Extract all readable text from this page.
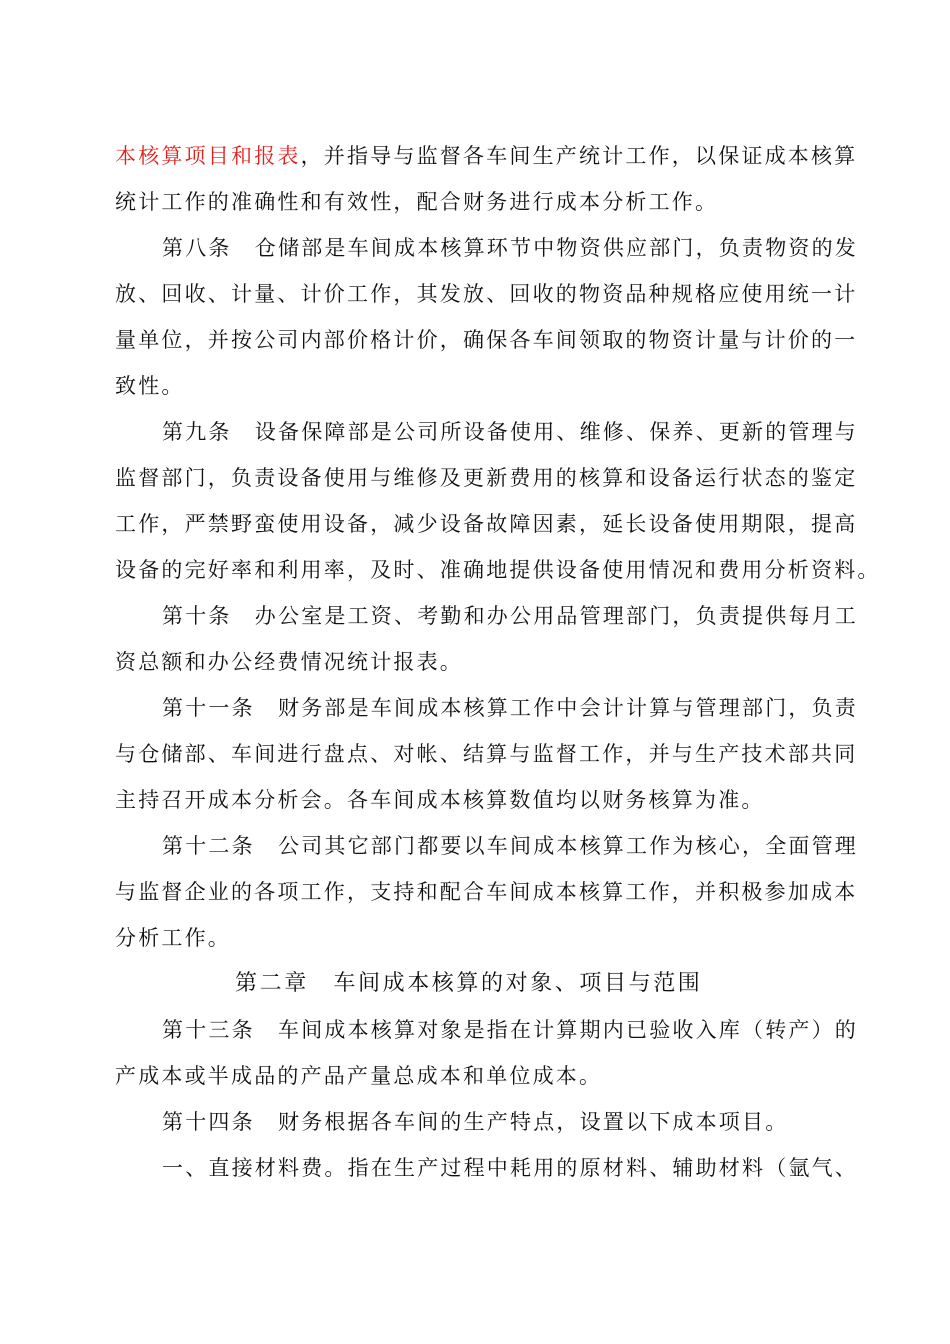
本核算项目和报表，并指导与监督各车间生产统计工作，以保证成本核算
统计工作的准确性和有效性，配合财务进行成本分析工作。
第八条　仓储部是车间成本核算环节中物资供应部门，负责物资的发
放、回收、计量、计价工作，其发放、回收的物资品种规格应使用统一计
量单位，并按公司内部价格计价，确保各车间领取的物资计量与计价的一
致性。
第九条　设备保障部是公司所设备使用、维修、保养、更新的管理与
监督部门，负责设备使用与维修及更新费用的核算和设备运行状态的鉴定
工作，严禁野蛮使用设备，减少设备故障因素，延长设备使用期限，提高
设备的完好率和利用率，及时、准确地提供设备使用情况和费用分析资料。
第十条　办公室是工资、考勤和办公用品管理部门，负责提供每月工
资总额和办公经费情况统计报表。
第十一条　财务部是车间成本核算工作中会计计算与管理部门，负责
与仓储部、车间进行盘点、对帐、结算与监督工作，并与生产技术部共同
主持召开成本分析会。各车间成本核算数值均以财务核算为准。
第十二条　公司其它部门都要以车间成本核算工作为核心，全面管理
与监督企业的各项工作，支持和配合车间成本核算工作，并积极参加成本
分析工作。
第二章　车间成本核算的对象、项目与范围
第十三条　车间成本核算对象是指在计算期内已验收入库（转产）的
产成本或半成品的产品产量总成本和单位成本。
第十四条　财务根据各车间的生产特点，设置以下成本项目。
一、直接材料费。指在生产过程中耗用的原材料、辅助材料（氩气、
